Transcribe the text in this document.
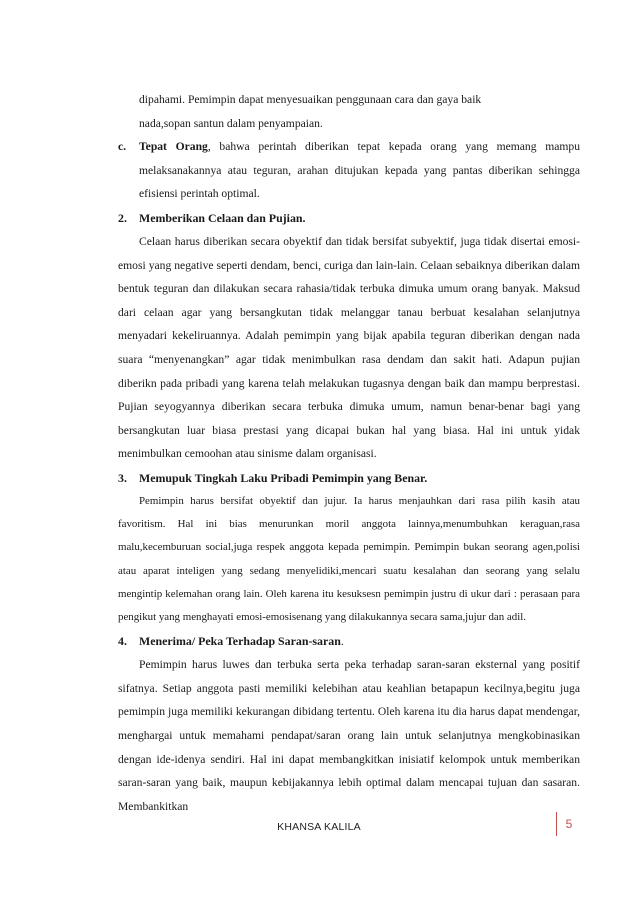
dipahami. Pemimpin dapat menyesuaikan penggunaan cara dan gaya baik

nada,sopan santun dalam penyampaian.

c.	Tepat Orang, bahwa perintah diberikan tepat kepada orang yang memang mampu melaksanakannya atau teguran, arahan ditujukan kepada yang pantas diberikan sehingga efisiensi perintah optimal.
2.	Memberikan Celaan dan Pujian.

Celaan harus diberikan secara obyektif dan tidak bersifat subyektif, juga tidak disertai emosi-emosi yang negative seperti dendam, benci, curiga dan lain-lain. Celaan sebaiknya diberikan dalam bentuk teguran dan dilakukan secara rahasia/tidak terbuka dimuka umum orang banyak. Maksud dari celaan agar yang bersangkutan tidak melanggar tanau berbuat kesalahan selanjutnya menyadari kekeliruannya. Adalah pemimpin yang bijak apabila teguran diberikan dengan nada suara “menyenangkan” agar tidak menimbulkan rasa dendam dan sakit hati. Adapun pujian diberikn pada pribadi yang karena telah melakukan tugasnya dengan baik dan mampu berprestasi. Pujian seyogyannya diberikan secara terbuka dimuka umum, namun benar-benar bagi yang bersangkutan luar biasa prestasi yang dicapai bukan hal yang biasa. Hal ini untuk yidak menimbulkan cemoohan atau sinisme dalam organisasi.

3.	Memupuk Tingkah Laku Pribadi Pemimpin yang Benar.

Pemimpin harus bersifat obyektif dan jujur. Ia harus menjauhkan dari rasa pilih kasih atau favoritism. Hal ini bias menurunkan moril anggota lainnya,menumbuhkan keraguan,rasa malu,kecemburuan social,juga respek anggota kepada pemimpin. Pemimpin bukan seorang agen,polisi atau aparat inteligen yang sedang menyelidiki,mencari suatu kesalahan dan seorang yang selalu mengintip kelemahan orang lain. Oleh karena itu kesuksesn pemimpin justru di ukur dari : perasaan para pengikut yang menghayati emosi-emosisenang yang dilakukannya secara sama,jujur dan adil.

4.	Menerima/ Peka Terhadap Saran-saran .

Pemimpin harus luwes dan terbuka serta peka terhadap saran-saran eksternal yang positif sifatnya. Setiap anggota pasti memiliki kelebihan atau keahlian betapapun kecilnya,begitu juga pemimpin juga memiliki kekurangan dibidang tertentu. Oleh karena itu dia harus dapat mendengar, menghargai untuk memahami pendapat/saran orang lain untuk selanjutnya mengkobinasikan dengan ide-idenya sendiri. Hal ini dapat membangkitkan inisiatif kelompok untuk memberikan saran-saran yang baik, maupun kebijakannya lebih optimal dalam mencapai tujuan dan sasaran. Membankitkan

KHANSA KALILA	5
